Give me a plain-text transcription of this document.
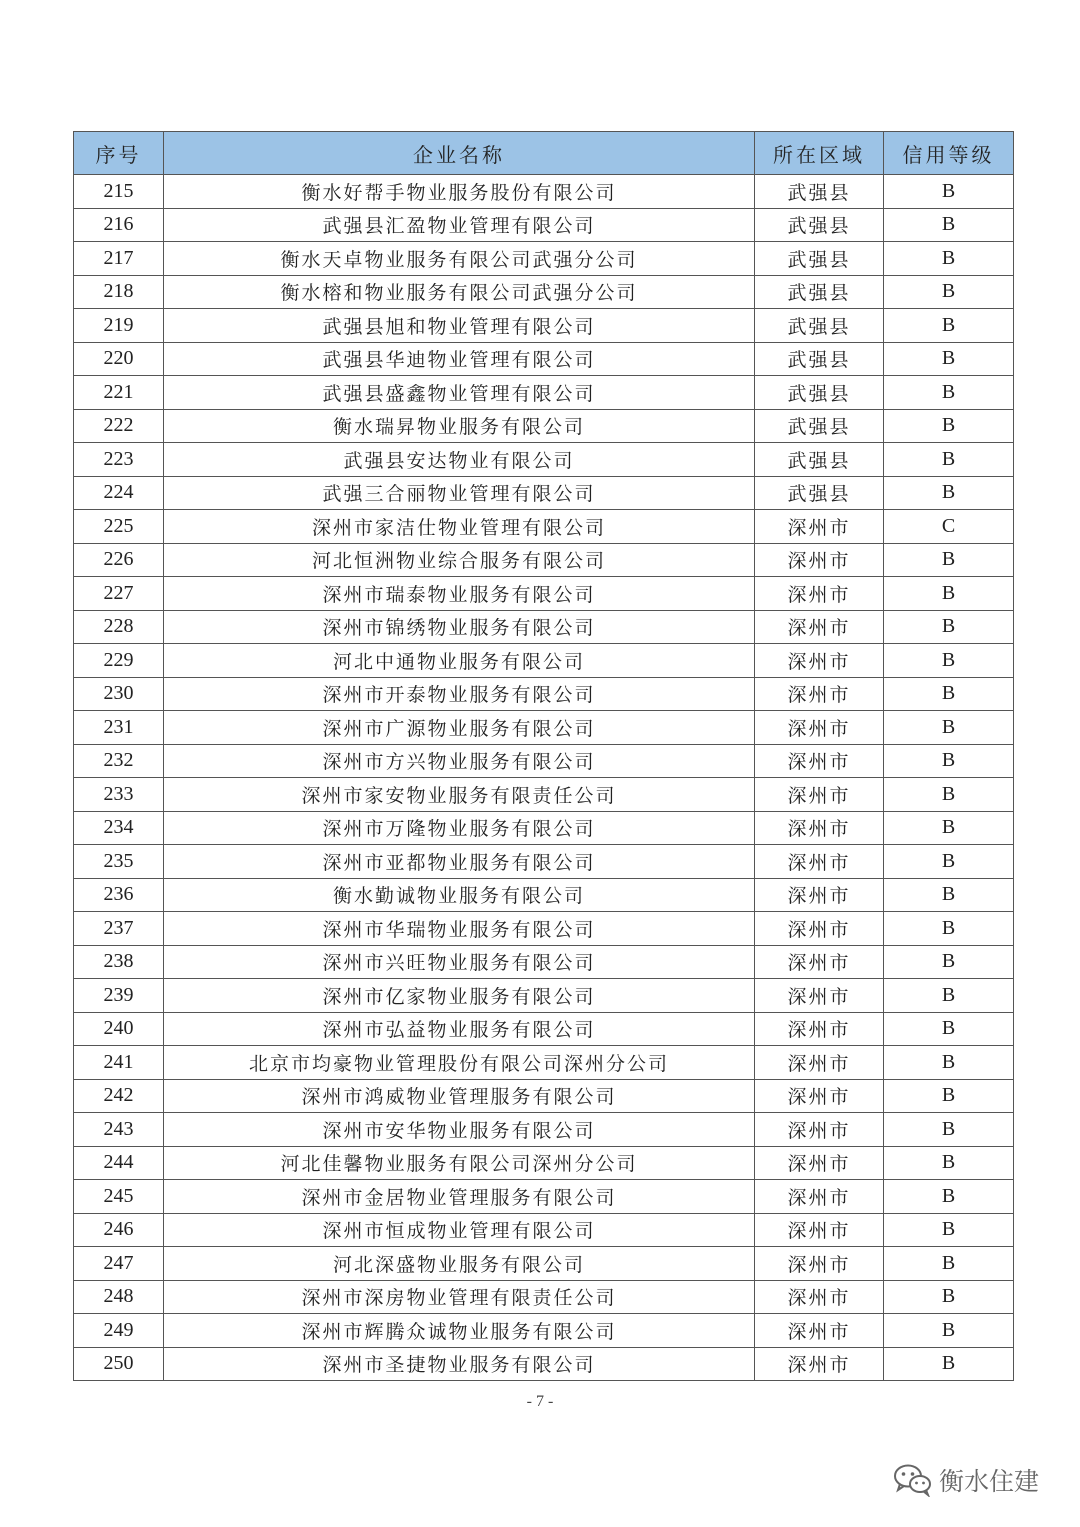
序号	企业名称	所在区域	信用等级
215	衡水好帮手物业服务股份有限公司	武强县	B
216	武强县汇盈物业管理有限公司	武强县	B
217	衡水天卓物业服务有限公司武强分公司	武强县	B
218	衡水榕和物业服务有限公司武强分公司	武强县	B
219	武强县旭和物业管理有限公司	武强县	B
220	武强县华迪物业管理有限公司	武强县	B
221	武强县盛鑫物业管理有限公司	武强县	B
222	衡水瑞昇物业服务有限公司	武强县	B
223	武强县安达物业有限公司	武强县	B
224	武强三合丽物业管理有限公司	武强县	B
225	深州市家洁仕物业管理有限公司	深州市	C
226	河北恒洲物业综合服务有限公司	深州市	B
227	深州市瑞泰物业服务有限公司	深州市	B
228	深州市锦绣物业服务有限公司	深州市	B
229	河北中通物业服务有限公司	深州市	B
230	深州市开泰物业服务有限公司	深州市	B
231	深州市广源物业服务有限公司	深州市	B
232	深州市方兴物业服务有限公司	深州市	B
233	深州市家安物业服务有限责任公司	深州市	B
234	深州市万隆物业服务有限公司	深州市	B
235	深州市亚都物业服务有限公司	深州市	B
236	衡水勤诚物业服务有限公司	深州市	B
237	深州市华瑞物业服务有限公司	深州市	B
238	深州市兴旺物业服务有限公司	深州市	B
239	深州市亿家物业服务有限公司	深州市	B
240	深州市弘益物业服务有限公司	深州市	B
241	北京市均豪物业管理股份有限公司深州分公司	深州市	B
242	深州市鸿威物业管理服务有限公司	深州市	B
243	深州市安华物业服务有限公司	深州市	B
244	河北佳馨物业服务有限公司深州分公司	深州市	B
245	深州市金居物业管理服务有限公司	深州市	B
246	深州市恒成物业管理有限公司	深州市	B
247	河北深盛物业服务有限公司	深州市	B
248	深州市深房物业管理有限责任公司	深州市	B
249	深州市辉腾众诚物业服务有限公司	深州市	B
250	深州市圣捷物业服务有限公司	深州市	B
- 7 -
衡水住建
